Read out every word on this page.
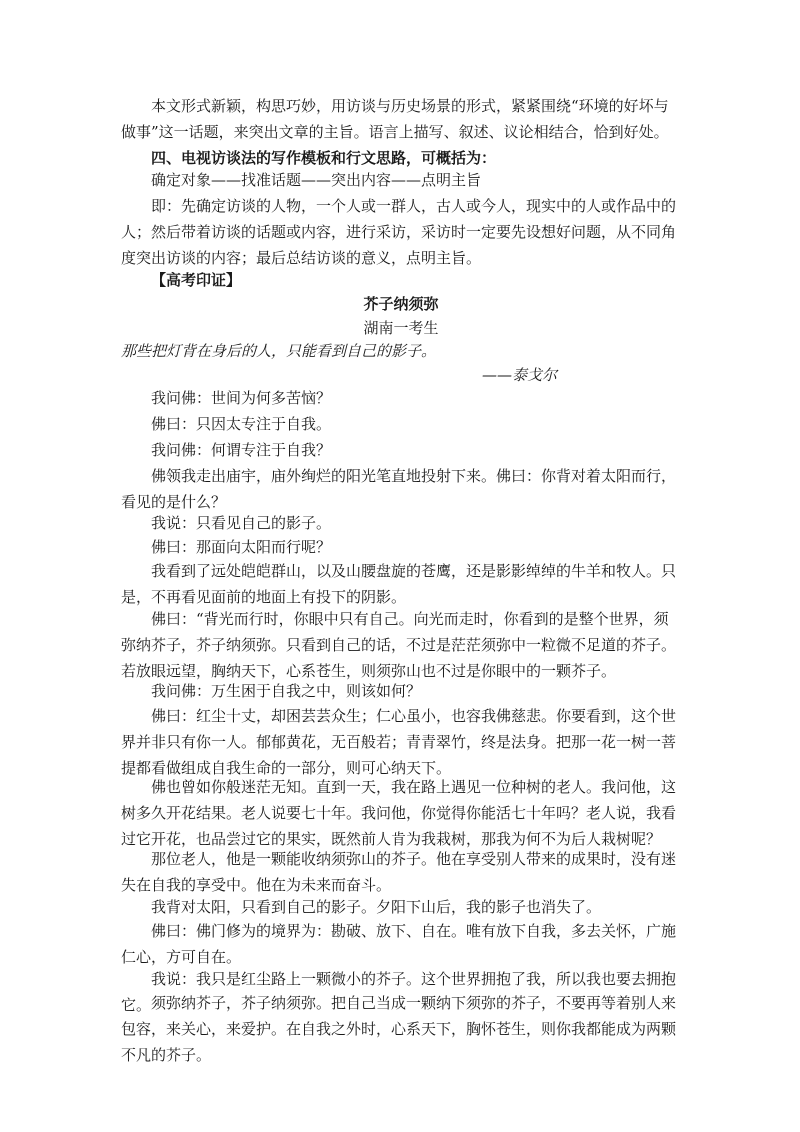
本文形式新颖，构思巧妙，用访谈与历史场景的形式，紧紧围绕“环境的好坏与做事”这一话题，来突出文章的主旨。语言上描写、叙述、议论相结合，恰到好处。

四、电视访谈法的写作模板和行文思路，可概括为：

确定对象——找准话题——突出内容——点明主旨

即：先确定访谈的人物，一个人或一群人，古人或今人，现实中的人或作品中的人；然后带着访谈的话题或内容，进行采访，采访时一定要先设想好问题，从不同角度突出访谈的内容；最后总结访谈的意义，点明主旨。

【高考印证】

芥子纳须弥

湖南一考生

那些把灯背在身后的人，只能看到自己的影子。

——泰戈尔

我问佛：世间为何多苦恼？

佛曰：只因太专注于自我。

我问佛：何谓专注于自我？

佛领我走出庙宇，庙外绚烂的阳光笔直地投射下来。佛曰：你背对着太阳而行，看见的是什么？

我说：只看见自己的影子。

佛曰：那面向太阳而行呢？

我看到了远处皑皑群山，以及山腰盘旋的苍鹰，还是影影绰绰的牛羊和牧人。只是，不再看见面前的地面上有投下的阴影。

佛曰：“背光而行时，你眼中只有自己。向光而走时，你看到的是整个世界，须弥纳芥子，芥子纳须弥。只看到自己的话，不过是茫茫须弥中一粒微不足道的芥子。若放眼远望，胸纳天下，心系苍生，则须弥山也不过是你眼中的一颗芥子。

我问佛：万生困于自我之中，则该如何？

佛曰：红尘十丈，却困芸芸众生；仁心虽小，也容我佛慈悲。你要看到，这个世界并非只有你一人。郁郁黄花，无百般若；青青翠竹，终是法身。把那一花一树一菩提都看做组成自我生命的一部分，则可心纳天下。

佛也曾如你般迷茫无知。直到一天，我在路上遇见一位种树的老人。我问他，这树多久开花结果。老人说要七十年。我问他，你觉得你能活七十年吗？老人说，我看过它开花，也品尝过它的果实，既然前人肯为我栽树，那我为何不为后人栽树呢？

那位老人，他是一颗能收纳须弥山的芥子。他在享受别人带来的成果时，没有迷失在自我的享受中。他在为未来而奋斗。

我背对太阳，只看到自己的影子。夕阳下山后，我的影子也消失了。

佛曰：佛门修为的境界为：勘破、放下、自在。唯有放下自我，多去关怀，广施仁心，方可自在。

我说：我只是红尘路上一颗微小的芥子。这个世界拥抱了我，所以我也要去拥抱它。 须弥纳芥子，芥子纳须弥。把自己当成一颗纳下须弥的芥子，不要再等着别人来包容，来关心，来爱护。在自我之外时，心系天下，胸怀苍生，则你我都能成为两颗不凡的芥子。
